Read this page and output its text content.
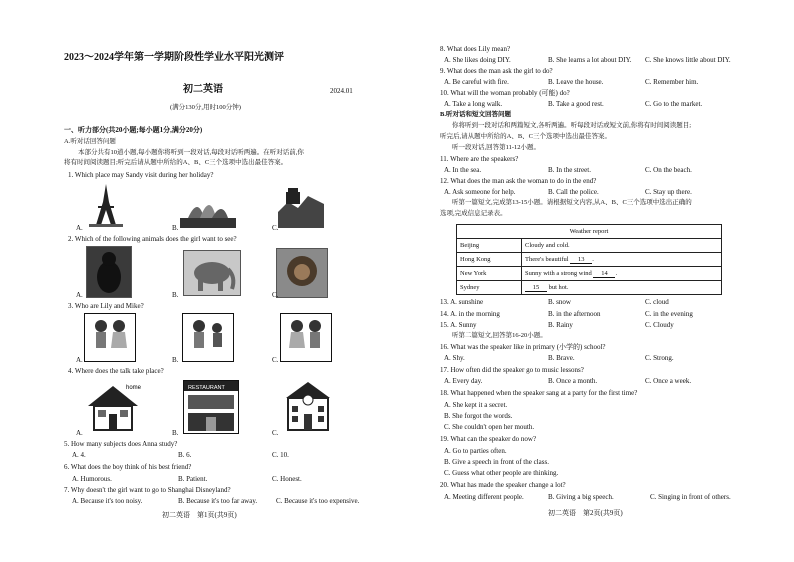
2023～2024学年第一学期阶段性学业水平阳光测评
初二英语	2024.01
(满分130分,用时100分钟)
一、听力部分(共20小题;每小题1分,满分20分)
A.听对话回答问题
本部分共有10道小题,每小题你将听到一段对话,每段对话听两遍。在听对话前,你
将有时间阅读题目;听完后请从题中所给的A、B、C三个选项中选出最佳答案。
1. Which place may Sandy visit during her holiday?
A.	B.	C.
2. Which of the following animals does the girl want to see?
A.	B.	C.
3. Who are Lily and Mike?
A.	B.	C.
4. Where does the talk take place?
home	RESTAURANT
A.	B.	C.
5. How many subjects does Anna study?
A. 4.	B. 6.	C. 10.
6. What does the boy think of his best friend?
A. Humorous.	B. Patient.	C. Honest.
7. Why doesn't the girl want to go to Shanghai Disneyland?
A. Because it's too noisy.	B. Because it's too far away.	C. Because it's too expensive.
初二英语　第1页(共9页)
8. What does Lily mean?
A. She likes doing DIY.	B. She learns a lot about DIY. C. She knows little about DIY.
9. What does the man ask the girl to do?
A. Be careful with fire.	B. Leave the house.	C. Remember him.
10. What will the woman probably (可能) do?
A. Take a long walk.	B. Take a good rest.	C. Go to the market.
B.听对话和短文回答问题
你将听到一段对话和两篇短文,各听两遍。听每段对话或短文前,你将有时间阅读题目;
听完后,请从题中所给的A、B、C三个选项中选出最佳答案。
听一段对话,回答第11-12小题。
11. Where are the speakers?
A. In the sea.	B. In the street.	C. On the beach.
12. What does the man ask the woman to do in the end?
A. Ask someone for help.	B. Call the police.	C. Stay up there.
听第一篇短文,完成第13-15小题。请根据短文内容,从A、B、C三个选项中选出正确的
选项,完成信息记录表。
Weather report	
Beijing	Cloudy and cold.
Hong Kong	There's beautiful 13 .
New York	Sunny with a strong wind 14 .
Sydney	15 but hot.
13. A. sunshine	B. snow	C. cloud
14. A. in the morning	B. in the afternoon	C. in the evening
15. A. Sunny	B. Rainy	C. Cloudy
听第二篇短文,回答第16-20小题。
16. What was the speaker like in primary (小学的) school?
A. Shy.	B. Brave.	C. Strong.
17. How often did the speaker go to music lessons?
A. Every day.	B. Once a month.	C. Once a week.
18. What happened when the speaker sang at a party for the first time?
A. She kept it a secret.
B. She forgot the words.
C. She couldn't open her mouth.
19. What can the speaker do now?
A. Go to parties often.
B. Give a speech in front of the class.
C. Guess what other people are thinking.
20. What has made the speaker change a lot?
A. Meeting different people.	B. Giving a big speech.	C. Singing in front of others.
初二英语　第2页(共9页)
